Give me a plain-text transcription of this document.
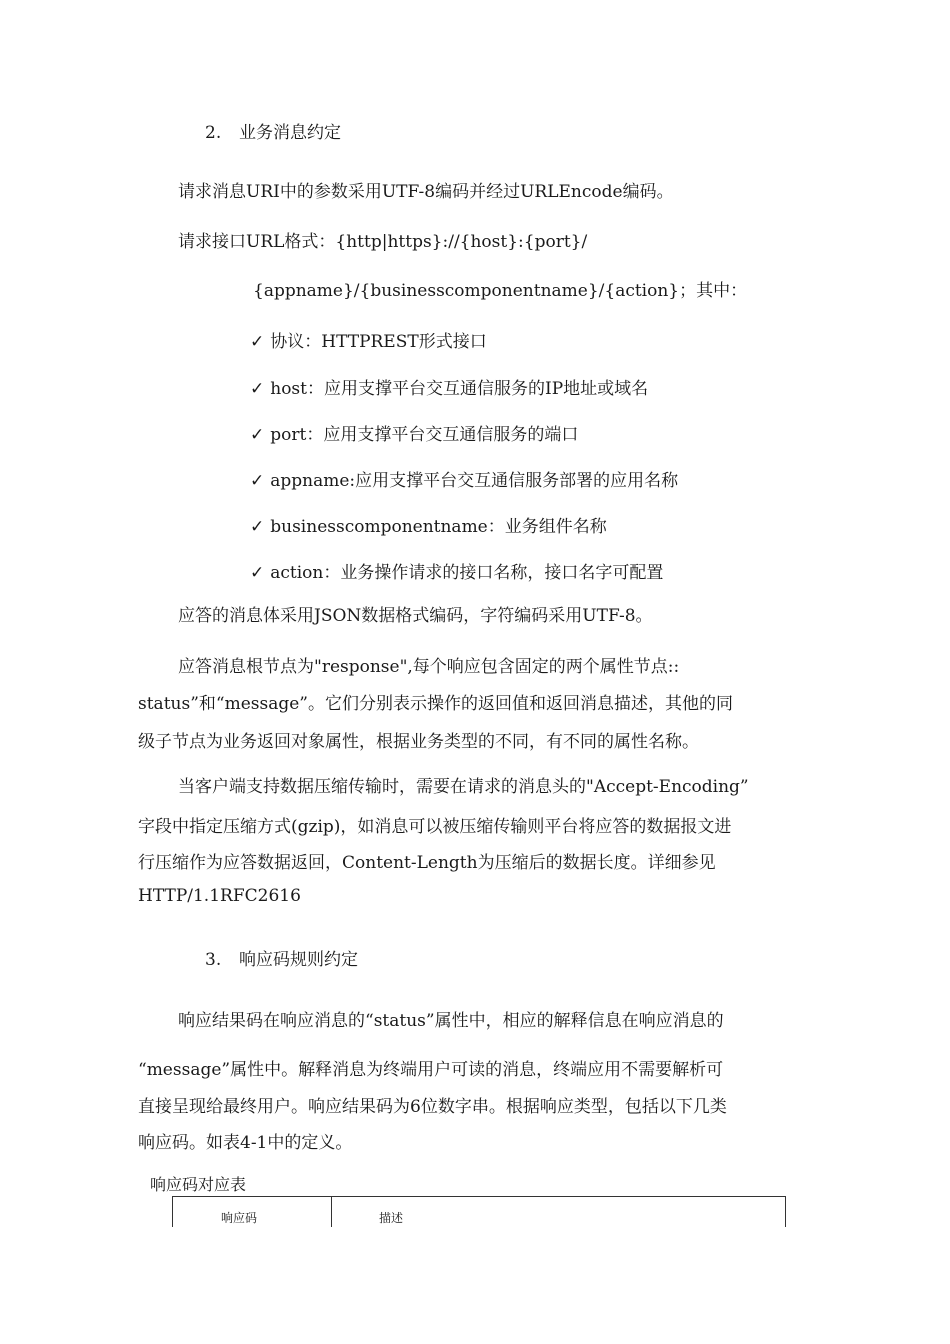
2. 业务消息约定
请求消息URI中的参数采用UTF-8编码并经过URLEncode编码。
请求接口URL格式：{http|https}://{host}:{port}/
{appname}/{businesscomponentname}/{action}；其中：
✓ 协议：HTTPREST形式接口
✓ host：应用支撑平台交互通信服务的IP地址或域名
✓ port：应用支撑平台交互通信服务的端口
✓ appname:应用支撑平台交互通信服务部署的应用名称
✓ businesscomponentname：业务组件名称
✓ action：业务操作请求的接口名称，接口名字可配置
应答的消息体采用JSON数据格式编码，字符编码采用UTF-8。
应答消息根节点为"response",每个响应包含固定的两个属性节点::
status”和“message”。它们分别表示操作的返回值和返回消息描述，其他的同
级子节点为业务返回对象属性，根据业务类型的不同，有不同的属性名称。
当客户端支持数据压缩传输时，需要在请求的消息头的"Accept-Encoding”
字段中指定压缩方式(gzip)，如消息可以被压缩传输则平台将应答的数据报文进
行压缩作为应答数据返回，Content-Length为压缩后的数据长度。详细参见
HTTP/1.1RFC2616
3. 响应码规则约定
响应结果码在响应消息的“status”属性中，相应的解释信息在响应消息的
“message”属性中。解释消息为终端用户可读的消息，终端应用不需要解析可
直接呈现给最终用户。响应结果码为6位数字串。根据响应类型，包括以下几类
响应码。如表4-1中的定义。
响应码对应表
响应码	描述
